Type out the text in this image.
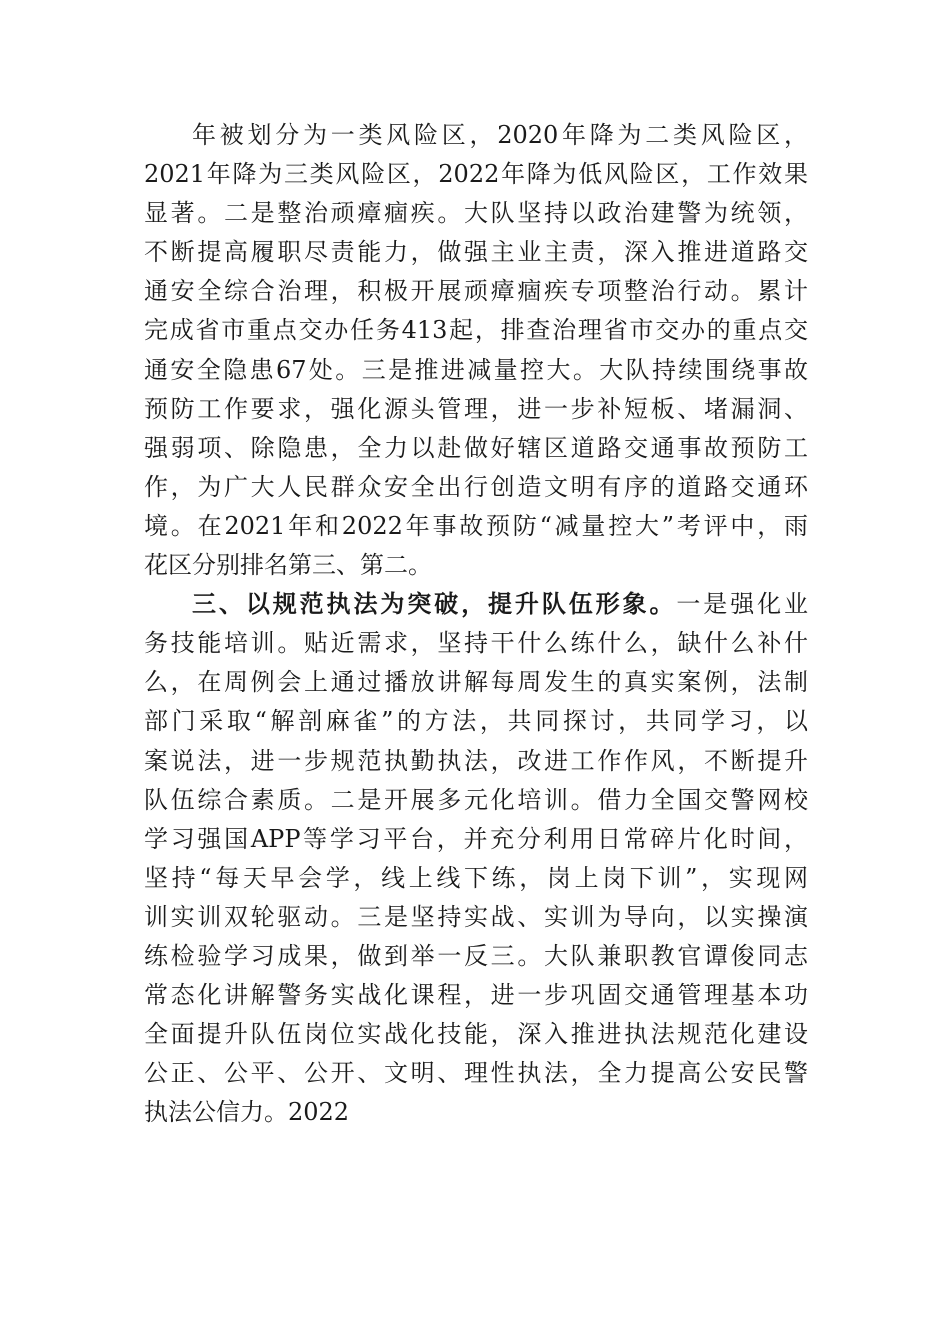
年被划分为一类风险区，2020年降为二类风险区，
2021年降为三类风险区，2022年降为低风险区，工作效果
显著。二是整治顽瘴痼疾。大队坚持以政治建警为统领，
不断提高履职尽责能力，做强主业主责，深入推进道路交
通安全综合治理，积极开展顽瘴痼疾专项整治行动。累计
完成省市重点交办任务413起，排查治理省市交办的重点交
通安全隐患67处。三是推进减量控大。大队持续围绕事故
预防工作要求，强化源头管理，进一步补短板、堵漏洞、
强弱项、除隐患，全力以赴做好辖区道路交通事故预防工
作，为广大人民群众安全出行创造文明有序的道路交通环
境。在2021年和2022年事故预防“减量控大”考评中，雨
花区分别排名第三、第二。
三、以规范执法为突破，提升队伍形象。一是强化业
务技能培训。贴近需求，坚持干什么练什么，缺什么补什
么，在周例会上通过播放讲解每周发生的真实案例，法制
部门采取“解剖麻雀”的方法，共同探讨，共同学习，以
案说法，进一步规范执勤执法，改进工作作风，不断提升
队伍综合素质。二是开展多元化培训。借力全国交警网校
学习强国APP等学习平台，并充分利用日常碎片化时间，
坚持“每天早会学，线上线下练，岗上岗下训”，实现网
训实训双轮驱动。三是坚持实战、实训为导向，以实操演
练检验学习成果，做到举一反三。大队兼职教官谭俊同志
常态化讲解警务实战化课程，进一步巩固交通管理基本功
全面提升队伍岗位实战化技能，深入推进执法规范化建设
公正、公平、公开、文明、理性执法，全力提高公安民警
执法公信力。2022
